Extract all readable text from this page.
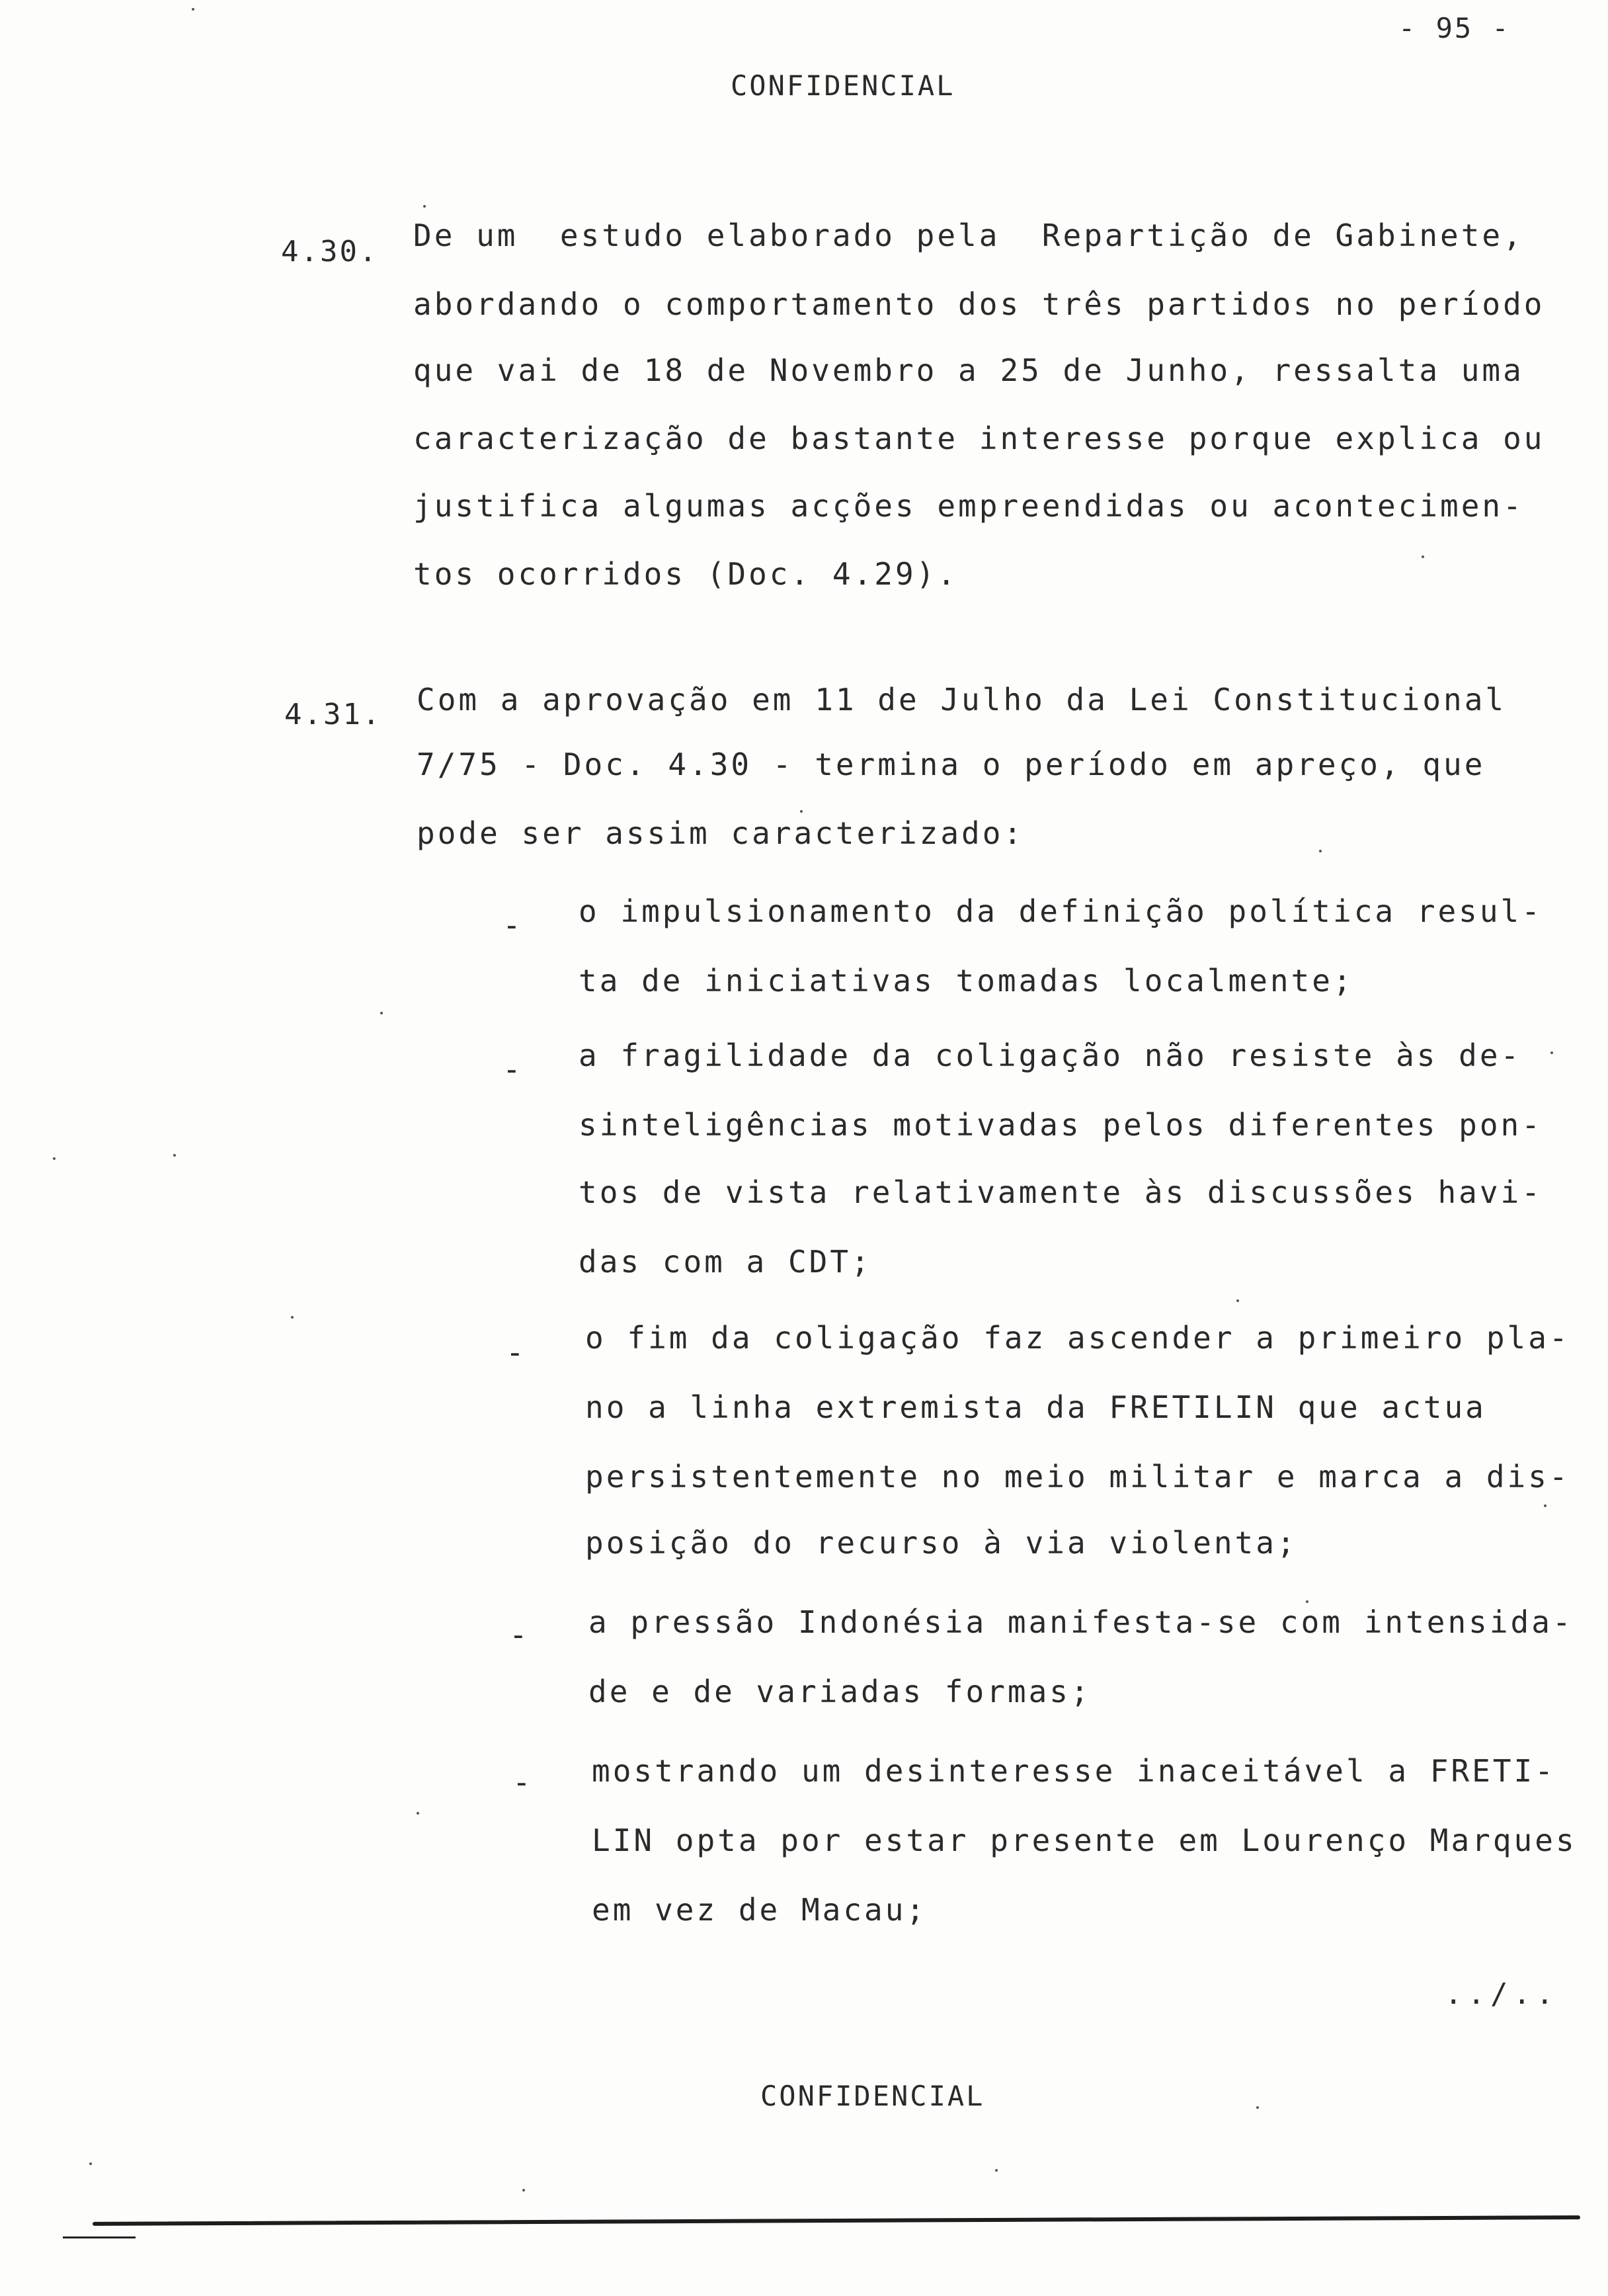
- 95 -
CONFIDENCIAL
4.30. De um  estudo elaborado pela  Repartição de Gabinete,
abordando o comportamento dos três partidos no período
que vai de 18 de Novembro a 25 de Junho, ressalta uma
caracterização de bastante interesse porque explica ou
justifica algumas acções empreendidas ou acontecimen-
tos ocorridos (Doc. 4.29).
4.31. Com a aprovação em 11 de Julho da Lei Constitucional
7/75 - Doc. 4.30 - termina o período em apreço, que
pode ser assim caracterizado:
- o impulsionamento da definição política resul-
ta de iniciativas tomadas localmente;
- a fragilidade da coligação não resiste às de-
sinteligências motivadas pelos diferentes pon-
tos de vista relativamente às discussões havi-
das com a CDT;
- o fim da coligação faz ascender a primeiro pla-
no a linha extremista da FRETILIN que actua
persistentemente no meio militar e marca a dis-
posição do recurso à via violenta;
- a pressão Indonésia manifesta-se com intensida-
de e de variadas formas;
- mostrando um desinteresse inaceitável a FRETI-
LIN opta por estar presente em Lourenço Marques
em vez de Macau;
../..
CONFIDENCIAL
